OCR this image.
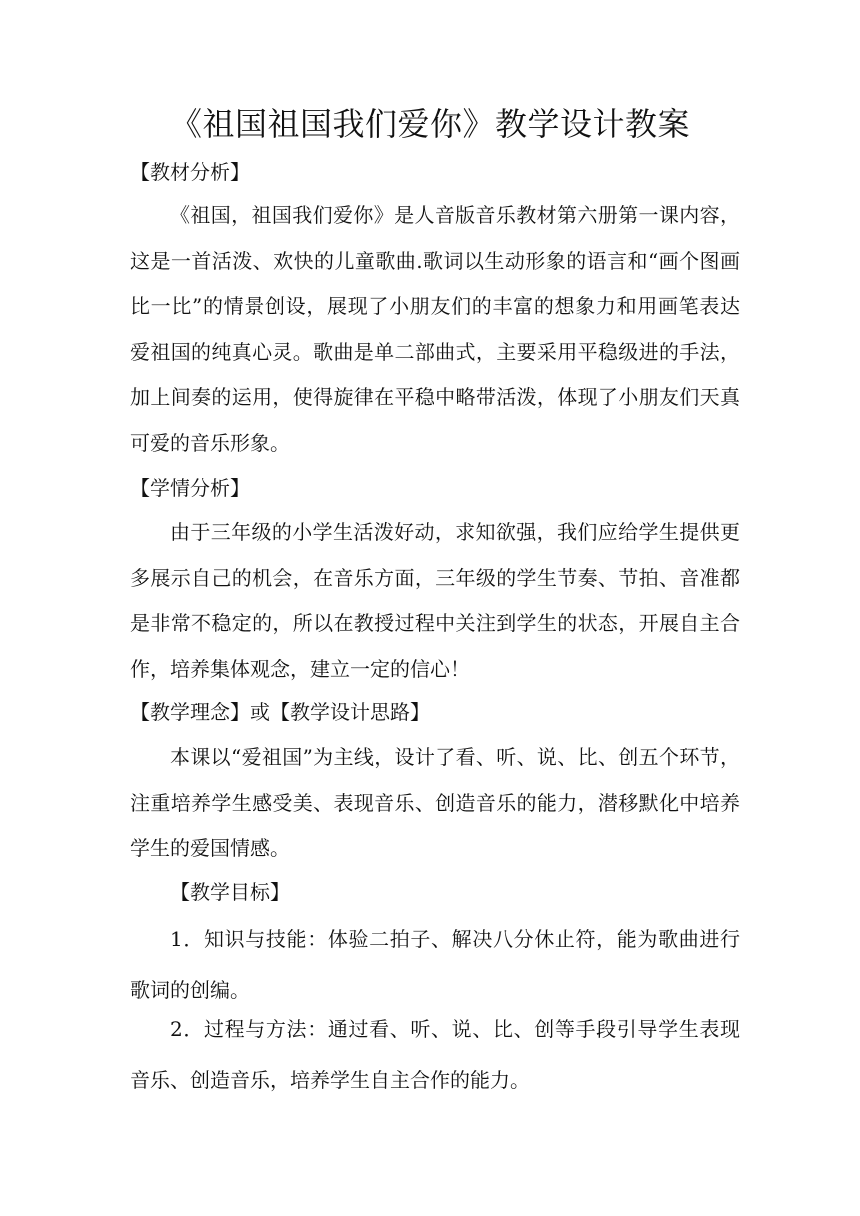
《祖国祖国我们爱你》教学设计教案
【教材分析】
《祖国，祖国我们爱你》是人音版音乐教材第六册第一课内容，这是一首活泼、欢快的儿童歌曲.歌词以生动形象的语言和“画个图画比一比”的情景创设，展现了小朋友们的丰富的想象力和用画笔表达爱祖国的纯真心灵。歌曲是单二部曲式，主要采用平稳级进的手法，加上间奏的运用，使得旋律在平稳中略带活泼，体现了小朋友们天真可爱的音乐形象。
【学情分析】
由于三年级的小学生活泼好动，求知欲强，我们应给学生提供更多展示自己的机会，在音乐方面，三年级的学生节奏、节拍、音准都是非常不稳定的，所以在教授过程中关注到学生的状态，开展自主合作，培养集体观念，建立一定的信心！
【教学理念】或【教学设计思路】
本课以“爱祖国”为主线，设计了看、听、说、比、创五个环节，注重培养学生感受美、表现音乐、创造音乐的能力，潜移默化中培养学生的爱国情感。
【教学目标】
1．知识与技能：体验二拍子、解决八分休止符，能为歌曲进行歌词的创编。
2．过程与方法：通过看、听、说、比、创等手段引导学生表现音乐、创造音乐，培养学生自主合作的能力。
